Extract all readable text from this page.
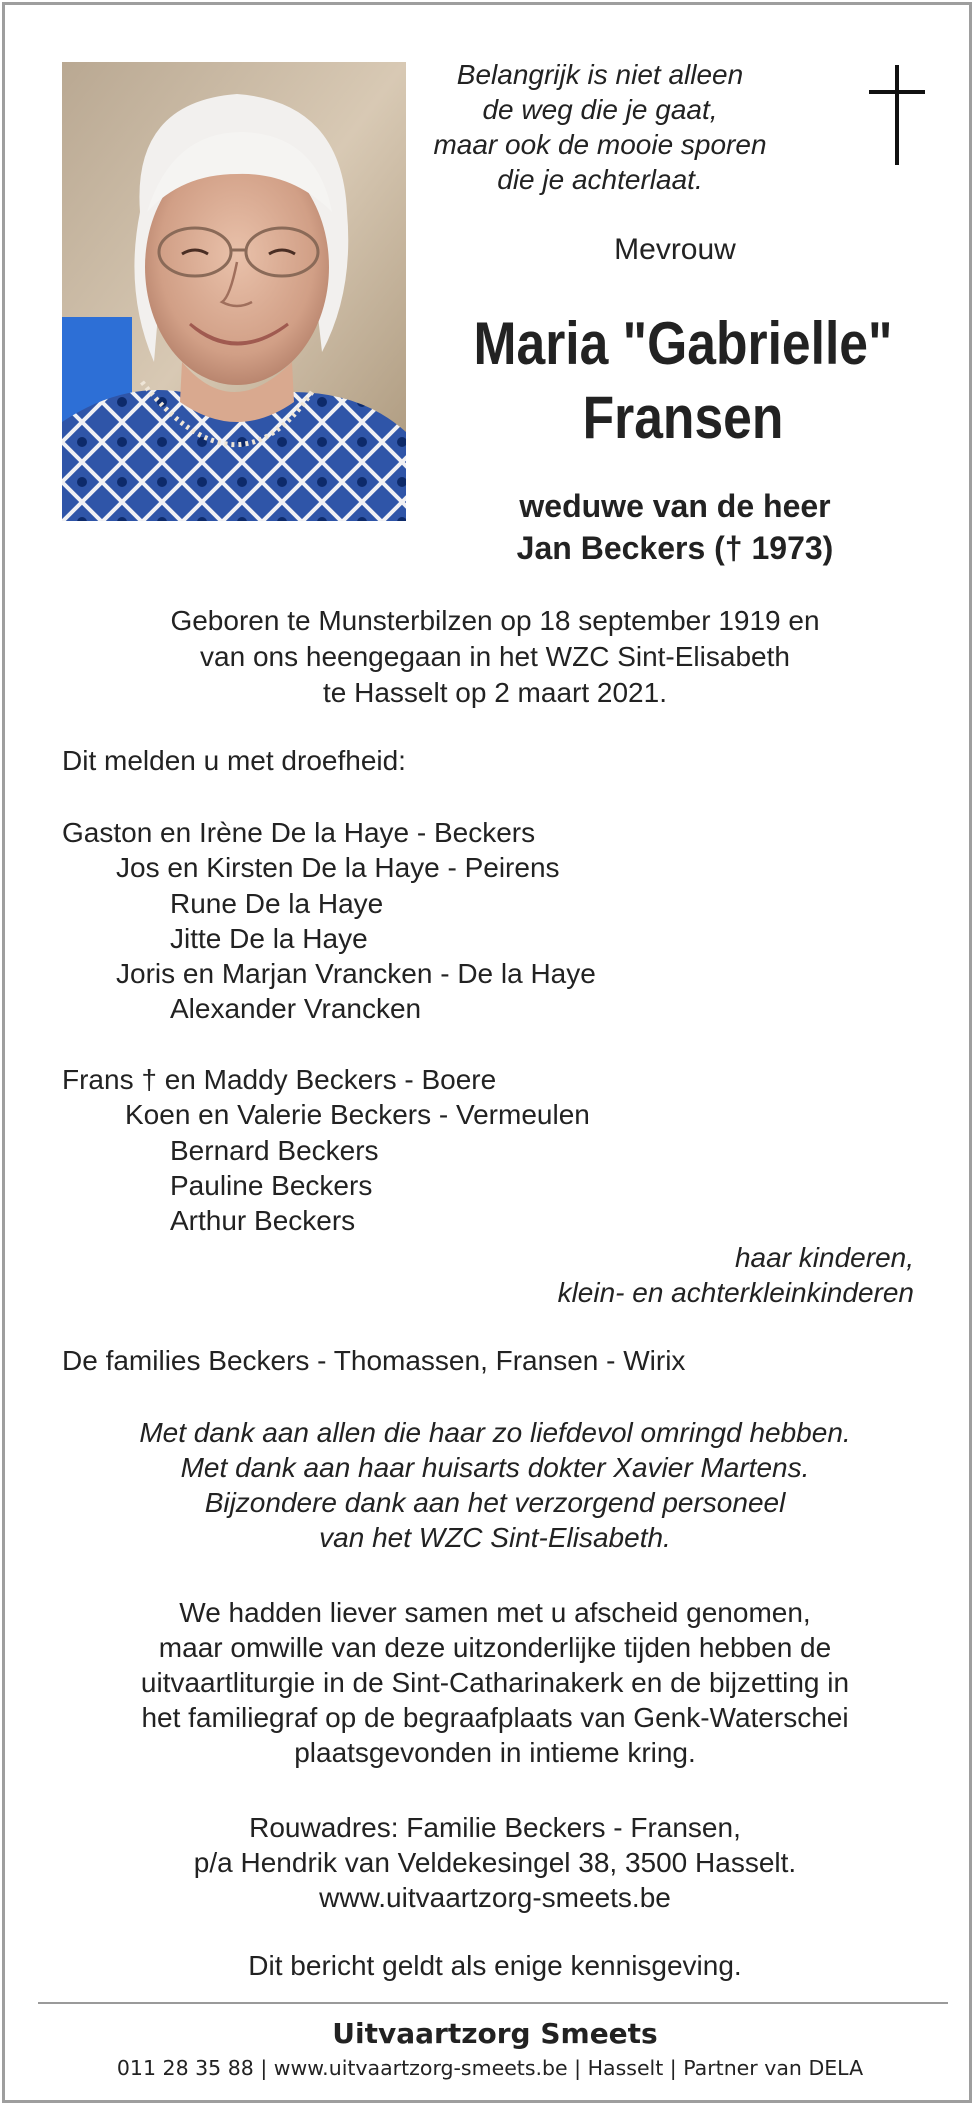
Belangrijk is niet alleen
de weg die je gaat,
maar ook de mooie sporen
die je achterlaat.
Mevrouw
Maria "Gabrielle"
Fransen
weduwe van de heer
Jan Beckers († 1973)
Geboren te Munsterbilzen op 18 september 1919 en
van ons heengegaan in het WZC Sint-Elisabeth
te Hasselt op 2 maart 2021.
Dit melden u met droefheid:
Gaston en Irène De la Haye - Beckers
Jos en Kirsten De la Haye - Peirens
Rune De la Haye
Jitte De la Haye
Joris en Marjan Vrancken - De la Haye
Alexander Vrancken
Frans † en Maddy Beckers - Boere
Koen en Valerie Beckers - Vermeulen
Bernard Beckers
Pauline Beckers
Arthur Beckers
haar kinderen,
klein- en achterkleinkinderen
De families Beckers - Thomassen, Fransen - Wirix
Met dank aan allen die haar zo liefdevol omringd hebben.
Met dank aan haar huisarts dokter Xavier Martens.
Bijzondere dank aan het verzorgend personeel
van het WZC Sint-Elisabeth.
We hadden liever samen met u afscheid genomen,
maar omwille van deze uitzonderlijke tijden hebben de
uitvaartliturgie in de Sint-Catharinakerk en de bijzetting in
het familiegraf op de begraafplaats van Genk-Waterschei
plaatsgevonden in intieme kring.
Rouwadres: Familie Beckers - Fransen,
p/a Hendrik van Veldekesingel 38, 3500 Hasselt.
www.uitvaartzorg-smeets.be
Dit bericht geldt als enige kennisgeving.
Uitvaartzorg Smeets
011 28 35 88 | www.uitvaartzorg-smeets.be | Hasselt | Partner van DELA
